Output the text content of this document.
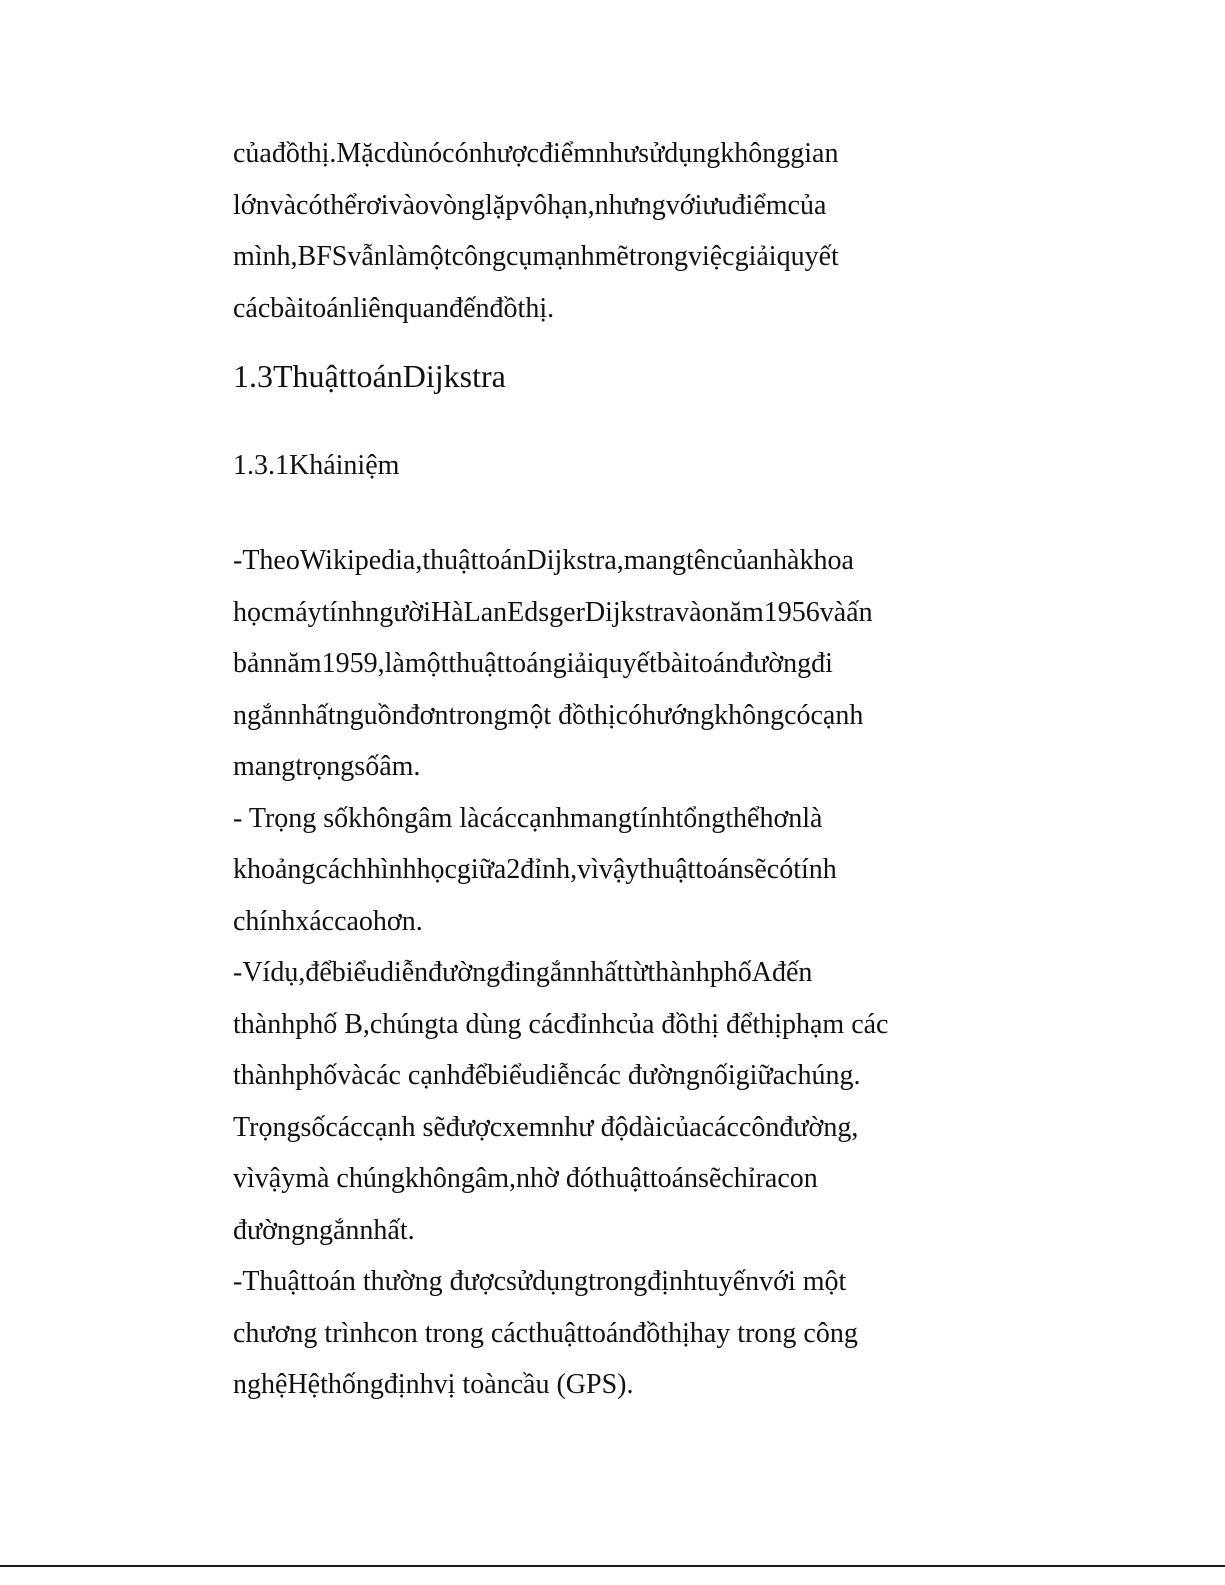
củađồthị.Mặcdùnócónhượcđiểmnhưsửdụngkhônggian
lớnvàcóthểrơivàovònglặpvôhạn,nhưngvớiưuđiểmcủa
mình,BFSvẫnlàmộtcôngcụmạnhmẽtrongviệcgiảiquyết
cácbàitoánliênquanđếnđồthị.
1.3ThuậttoánDijkstra
1.3.1Kháiniệm
-TheoWikipedia,thuậttoánDijkstra,mangtêncủanhàkhoa
họcmáytínhngườiHàLanEdsgerDijkstravàonăm1956vàấn
bảnnăm1959,làmộtthuậttoángiảiquyếtbàitoánđườngđi
ngắnnhấtnguồnđơntrongmột đồthịcóhướngkhôngcócạnh
mangtrọngsốâm.
- Trọng sốkhôngâm làcáccạnhmangtínhtổngthểhơnlà
khoảngcáchhìnhhọcgiữa2đỉnh,vìvậythuậttoánsẽcótính
chínhxáccaohơn.
-Vídụ,đểbiểudiễnđườngđingắnnhấttừthànhphốAđến
thànhphố B,chúngta dùng cácđỉnhcủa đồthị đểthịphạm các
thànhphốvàcác cạnhđểbiểudiễncác đườngnốigiữachúng.
Trọngsốcáccạnh sẽđượcxemnhư độdàicủacáccônđường,
vìvậymà chúngkhôngâm,nhờ đóthuậttoánsẽchỉracon
đườngngắnnhất.
-Thuậttoán thường đượcsửdụngtrongđịnhtuyếnvới một
chương trìnhcon trong cácthuậttoánđồthịhay trong công
nghệHệthốngđịnhvị toàncầu (GPS).
